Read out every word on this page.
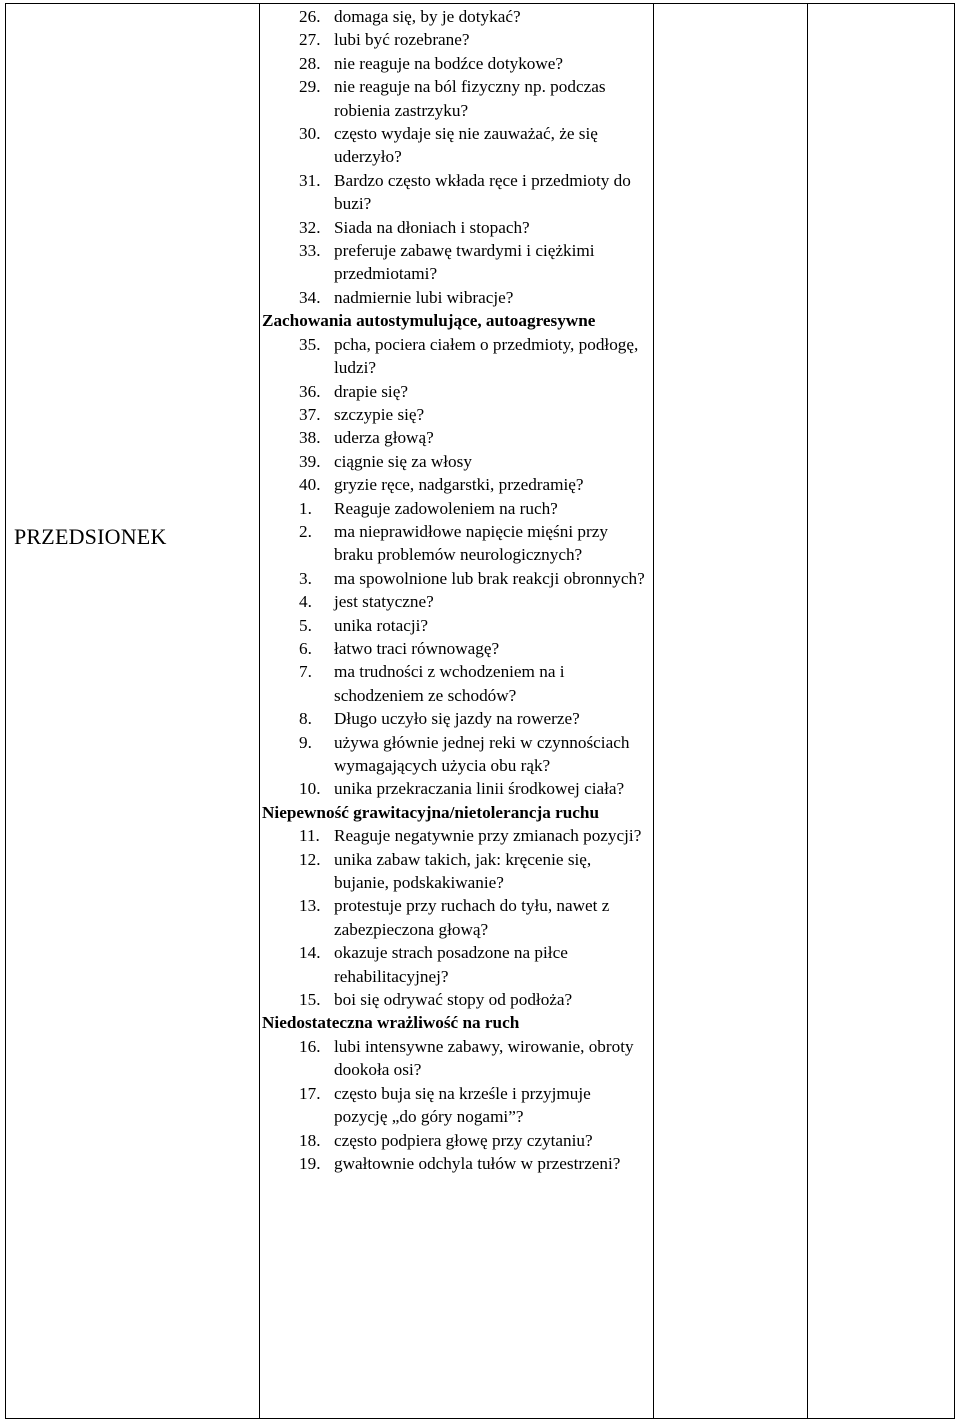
PRZEDSIONEK
26. domaga się, by je dotykać?
27. lubi być rozebrane?
28. nie reaguje na bodźce dotykowe?
29. nie reaguje na ból fizyczny np. podczas robienia zastrzyku?
30. często wydaje się nie zauważać, że się uderzyło?
31. Bardzo często wkłada ręce i przedmioty do buzi?
32. Siada na dłoniach i stopach?
33. preferuje zabawę twardymi i ciężkimi przedmiotami?
34. nadmiernie lubi wibracje?
Zachowania autostymulujące, autoagresywne
35. pcha, pociera ciałem o przedmioty, podłogę, ludzi?
36. drapie się?
37. szczypie się?
38. uderza głową?
39. ciągnie się za włosy
40. gryzie ręce, nadgarstki, przedramię?
1.	Reaguje zadowoleniem na ruch?
2.	ma nieprawidłowe napięcie mięśni przy braku problemów neurologicznych?
3.	ma spowolnione lub brak reakcji obronnych?
4.	jest statyczne?
5.	unika rotacji?
6.	łatwo traci równowagę?
7.	ma trudności z wchodzeniem na i schodzeniem ze schodów?
8.	Długo uczyło się jazdy na rowerze?
9.	używa głównie jednej reki w czynnościach wymagających użycia obu rąk?
10. unika przekraczania linii środkowej ciała?
Niepewność grawitacyjna/nietolerancja ruchu
11. Reaguje negatywnie przy zmianach pozycji?
12. unika zabaw takich, jak: kręcenie się, bujanie, podskakiwanie?
13. protestuje przy ruchach do tyłu, nawet z zabezpieczona głową?
14. okazuje strach posadzone na piłce rehabilitacyjnej?
15. boi się odrywać stopy od podłoża?
Niedostateczna wrażliwość na ruch
16. lubi intensywne zabawy, wirowanie, obroty dookoła osi?
17. często buja się na krześle i przyjmuje pozycję „do góry nogami”?
18. często podpiera głowę przy czytaniu?
19. gwałtownie odchyla tułów w przestrzeni?
